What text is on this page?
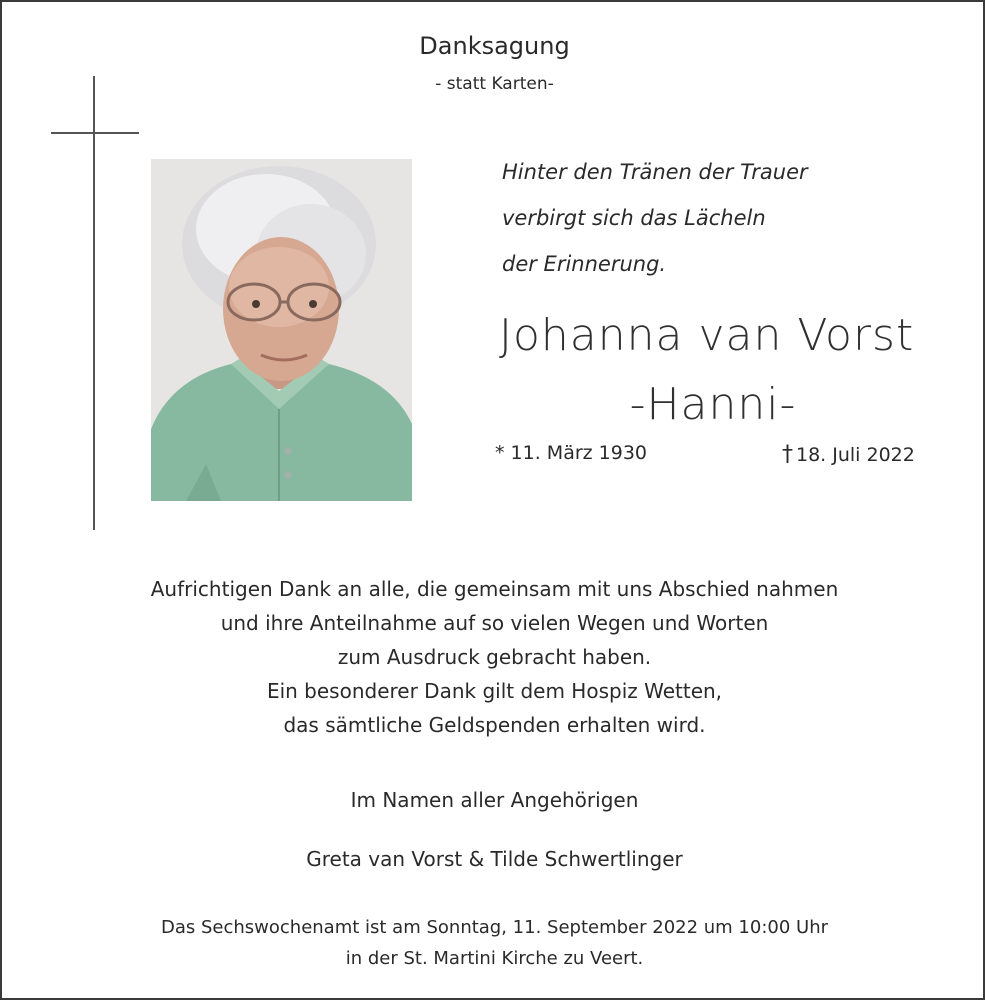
Danksagung
- statt Karten-
Hinter den Tränen der Trauer
verbirgt sich das Lächeln
der Erinnerung.
Johanna van Vorst
-Hanni-
* 11. März 1930	† 18. Juli 2022
Aufrichtigen Dank an alle, die gemeinsam mit uns Abschied nahmen
und ihre Anteilnahme auf so vielen Wegen und Worten
zum Ausdruck gebracht haben.
Ein besonderer Dank gilt dem Hospiz Wetten,
das sämtliche Geldspenden erhalten wird.
Im Namen aller Angehörigen
Greta van Vorst & Tilde Schwertlinger
Das Sechswochenamt ist am Sonntag, 11. September 2022 um 10:00 Uhr
in der St. Martini Kirche zu Veert.
